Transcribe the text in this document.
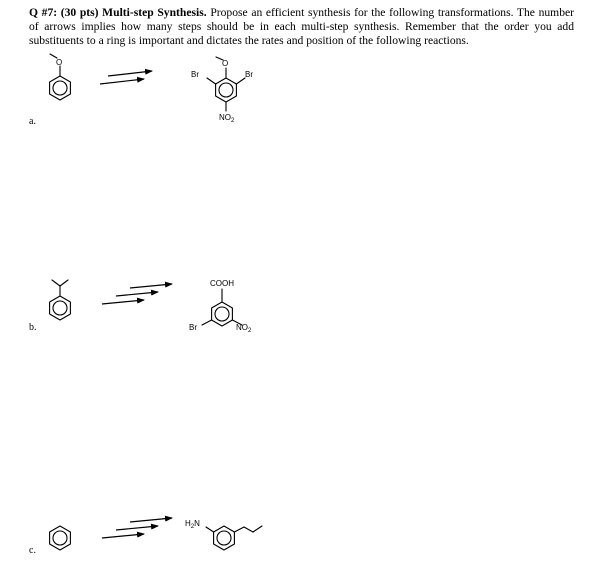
Q #7: (30 pts) Multi-step Synthesis. Propose an efficient synthesis for the following transformations. The number of arrows implies how many steps should be in each multi-step synthesis. Remember that the order you add substituents to a ring is important and dictates the rates and position of the following reactions.

a.
b.
c.
O	O
Br	Br
$NO_2$
COOH
Br	$NO_2$
$H_2N$
